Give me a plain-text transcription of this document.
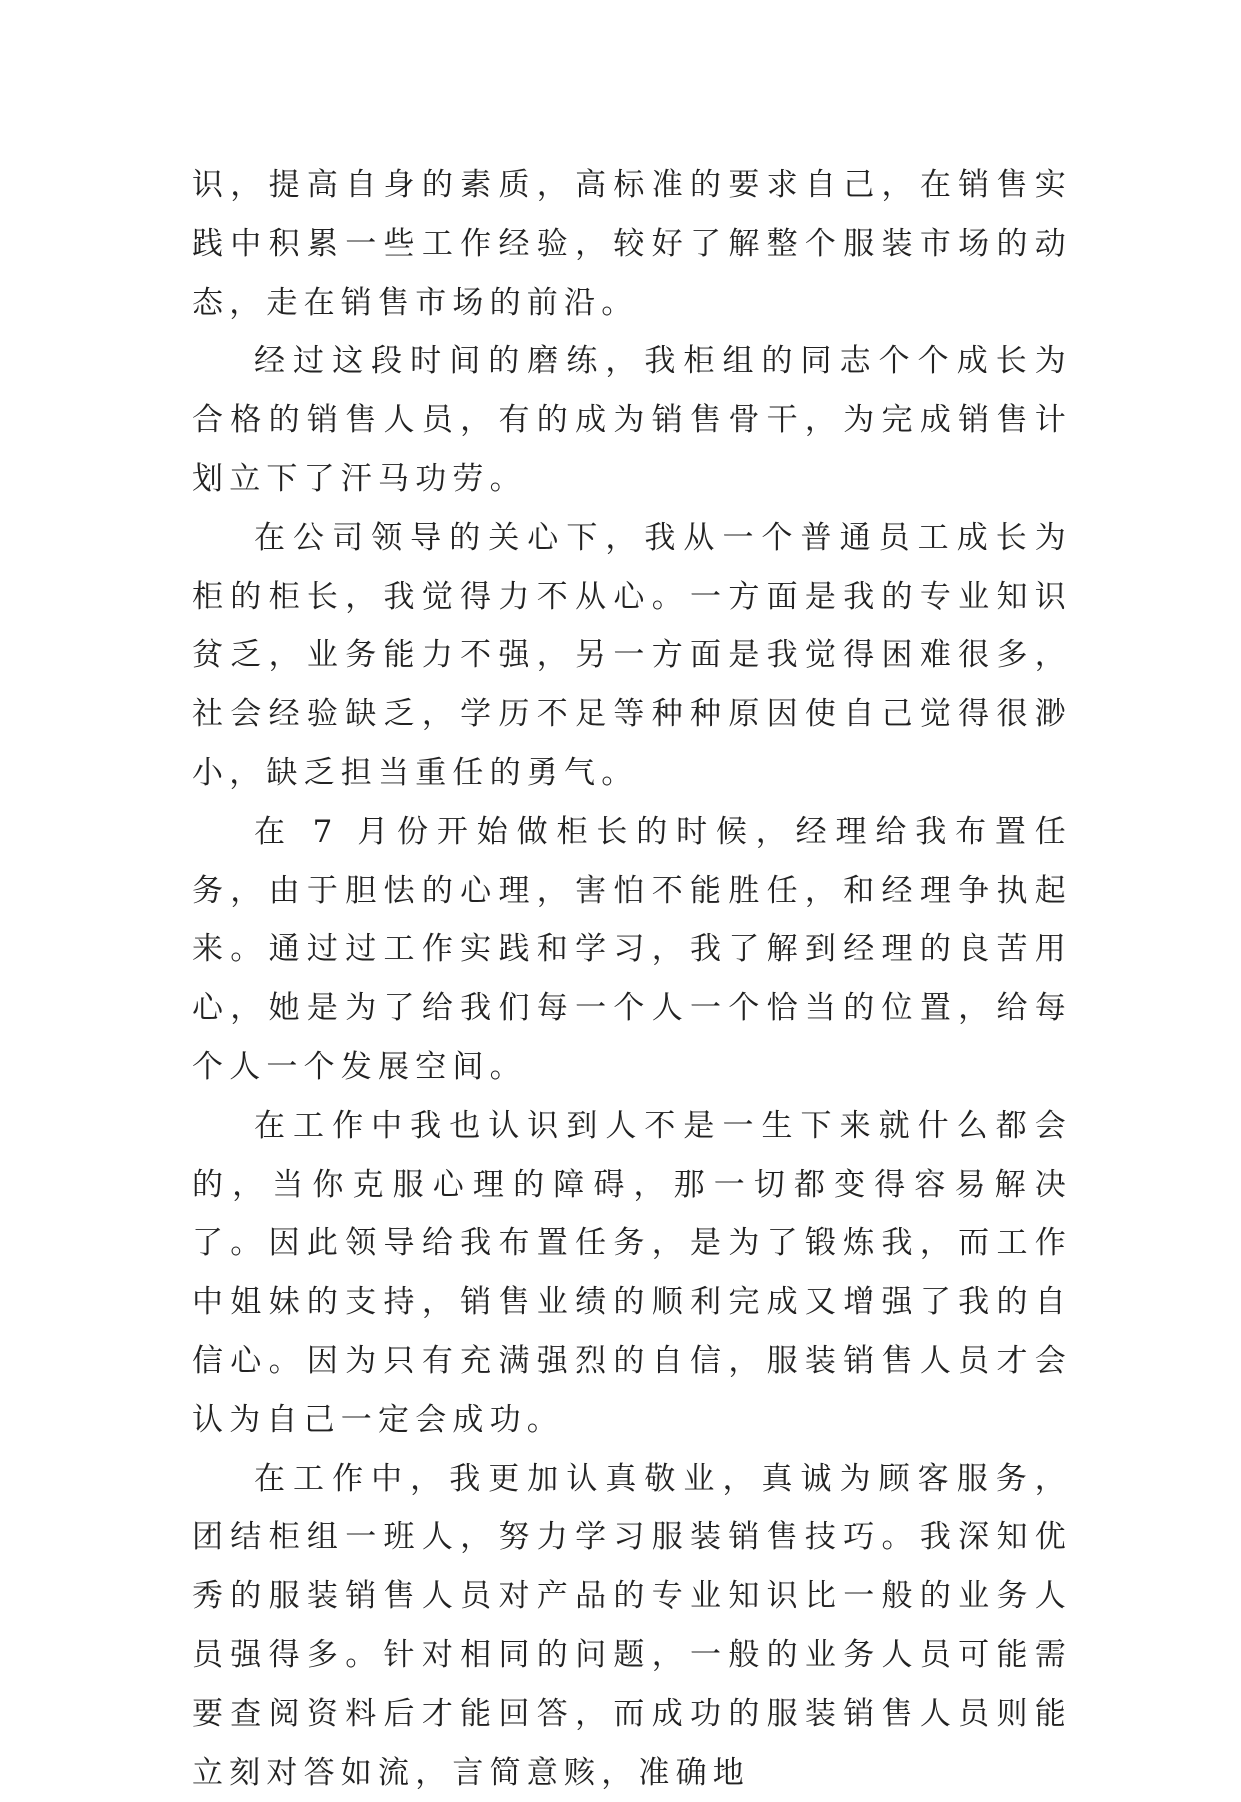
识，提高自身的素质，高标准的要求自己，在销售实践中积累一些工作经验，较好了解整个服装市场的动态，走在销售市场的前沿。

经过这段时间的磨练，我柜组的同志个个成长为合格的销售人员，有的成为销售骨干，为完成销售计划立下了汗马功劳。

在公司领导的关心下，我从一个普通员工成长为柜的柜长，我觉得力不从心。一方面是我的专业知识贫乏，业务能力不强，另一方面是我觉得困难很多，社会经验缺乏，学历不足等种种原因使自己觉得很渺小，缺乏担当重任的勇气。

在 7 月份开始做柜长的时候，经理给我布置任务，由于胆怯的心理，害怕不能胜任，和经理争执起来。通过过工作实践和学习，我了解到经理的良苦用心，她是为了给我们每一个人一个恰当的位置，给每个人一个发展空间。

在工作中我也认识到人不是一生下来就什么都会的，当你克服心理的障碍，那一切都变得容易解决了。因此领导给我布置任务，是为了锻炼我，而工作中姐妹的支持，销售业绩的顺利完成又增强了我的自信心。因为只有充满强烈的自信，服装销售人员才会认为自己一定会成功。

在工作中，我更加认真敬业，真诚为顾客服务，团结柜组一班人，努力学习服装销售技巧。我深知优秀的服装销售人员对产品的专业知识比一般的业务人员强得多。针对相同的问题，一般的业务人员可能需要查阅资料后才能回答，而成功的服装销售人员则能立刻对答如流，言简意赅，准确地
